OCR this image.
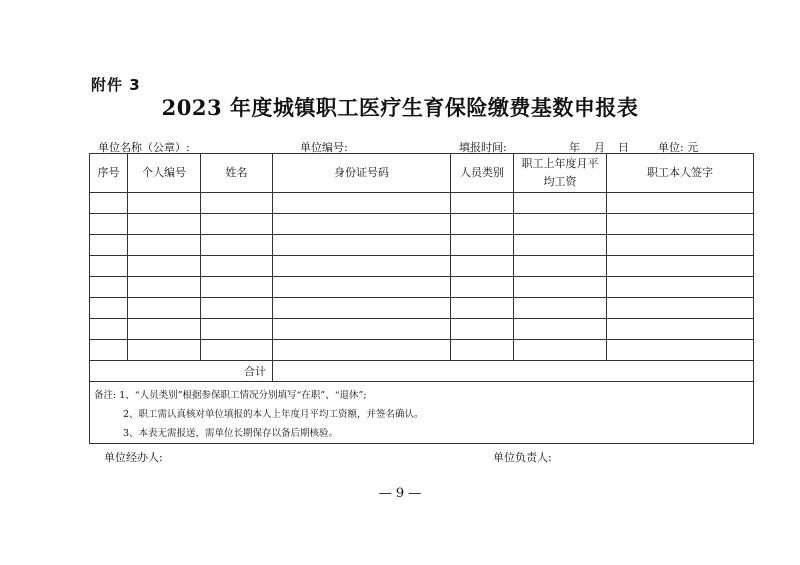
附件 3
2023 年度城镇职工医疗生育保险缴费基数申报表
单位名称（公章）:	单位编号:	填报时间:	年 月 日	单位: 元
序号	个人编号	姓名	身份证号码	人员类别	职工上年度月平
均工资	职工本人签字

合计						

备注: 1、“人员类别”根据参保职工情况分别填写“在职”、“退休”;
2、职工需认真核对单位填报的本人上年度月平均工资额，并签名确认。
3、本表无需报送，需单位长期保存以备后期核验。						
单位经办人:	单位负责人:
— 9 —
